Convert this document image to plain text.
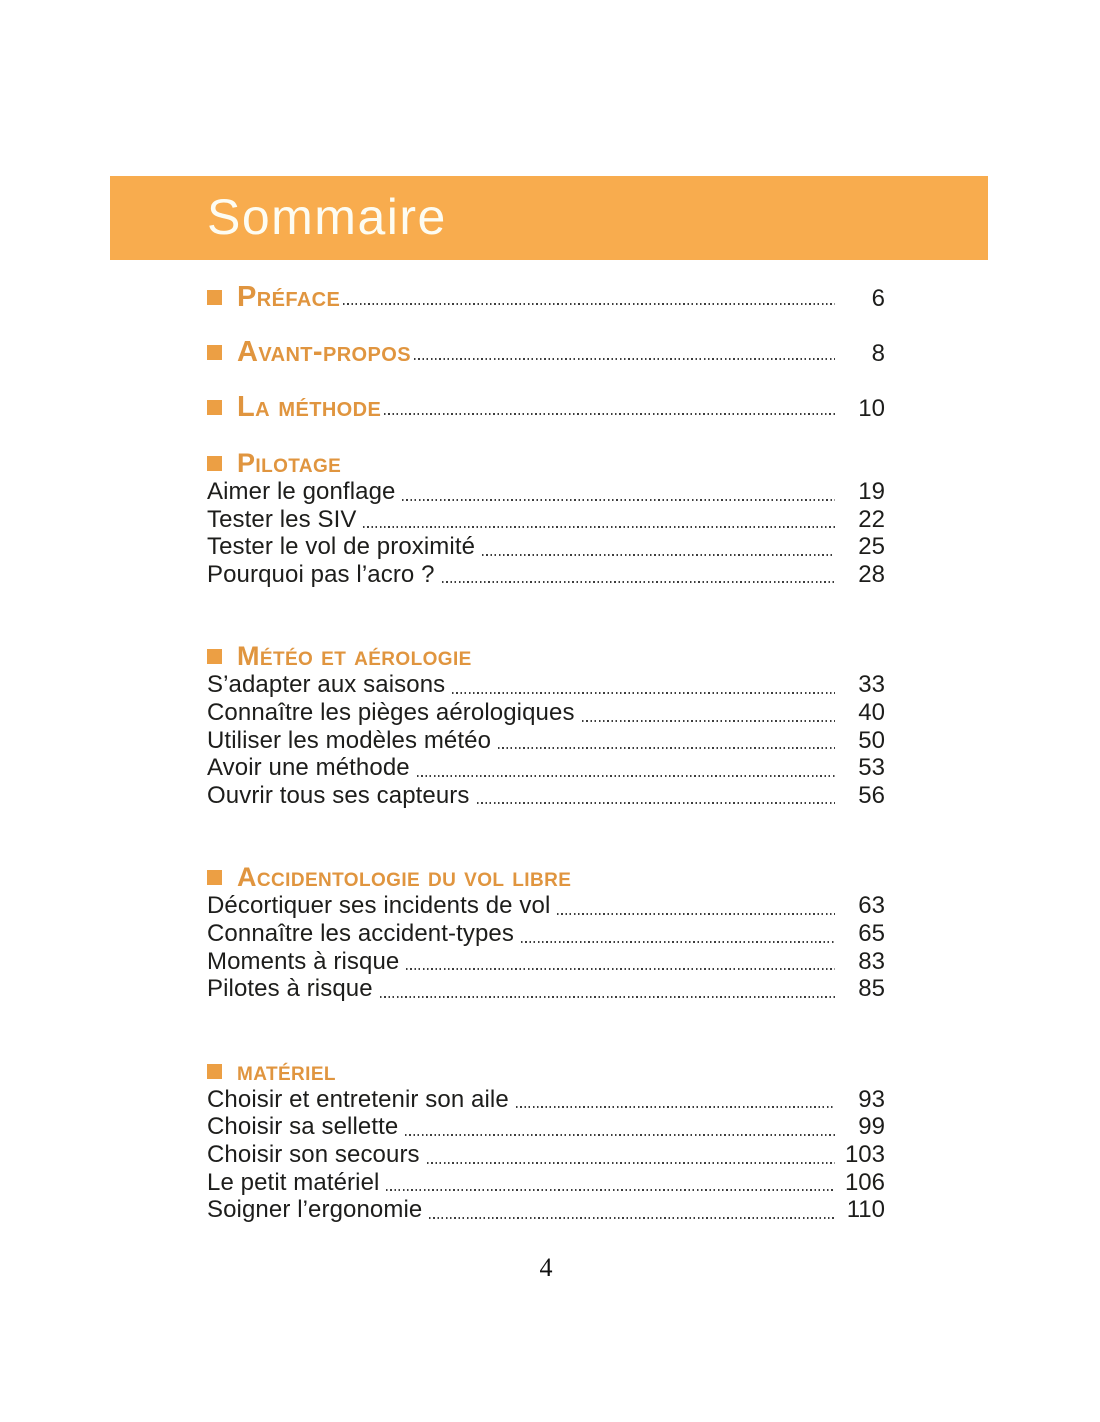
Sommaire
Préface	6
Avant-propos	8
La méthode	10
Pilotage
Aimer le gonflage	19
Tester les SIV	22
Tester le vol de proximité	25
Pourquoi pas l’acro ?	28
Météo et aérologie
S’adapter aux saisons	33
Connaître les pièges aérologiques	40
Utiliser les modèles météo	50
Avoir une méthode	53
Ouvrir tous ses capteurs	56
Accidentologie du vol libre
Décortiquer ses incidents de vol	63
Connaître les accident-types	65
Moments à risque	83
Pilotes à risque	85
matériel
Choisir et entretenir son aile	93
Choisir sa sellette	99
Choisir son secours	103
Le petit matériel	106
Soigner l’ergonomie	110
4
